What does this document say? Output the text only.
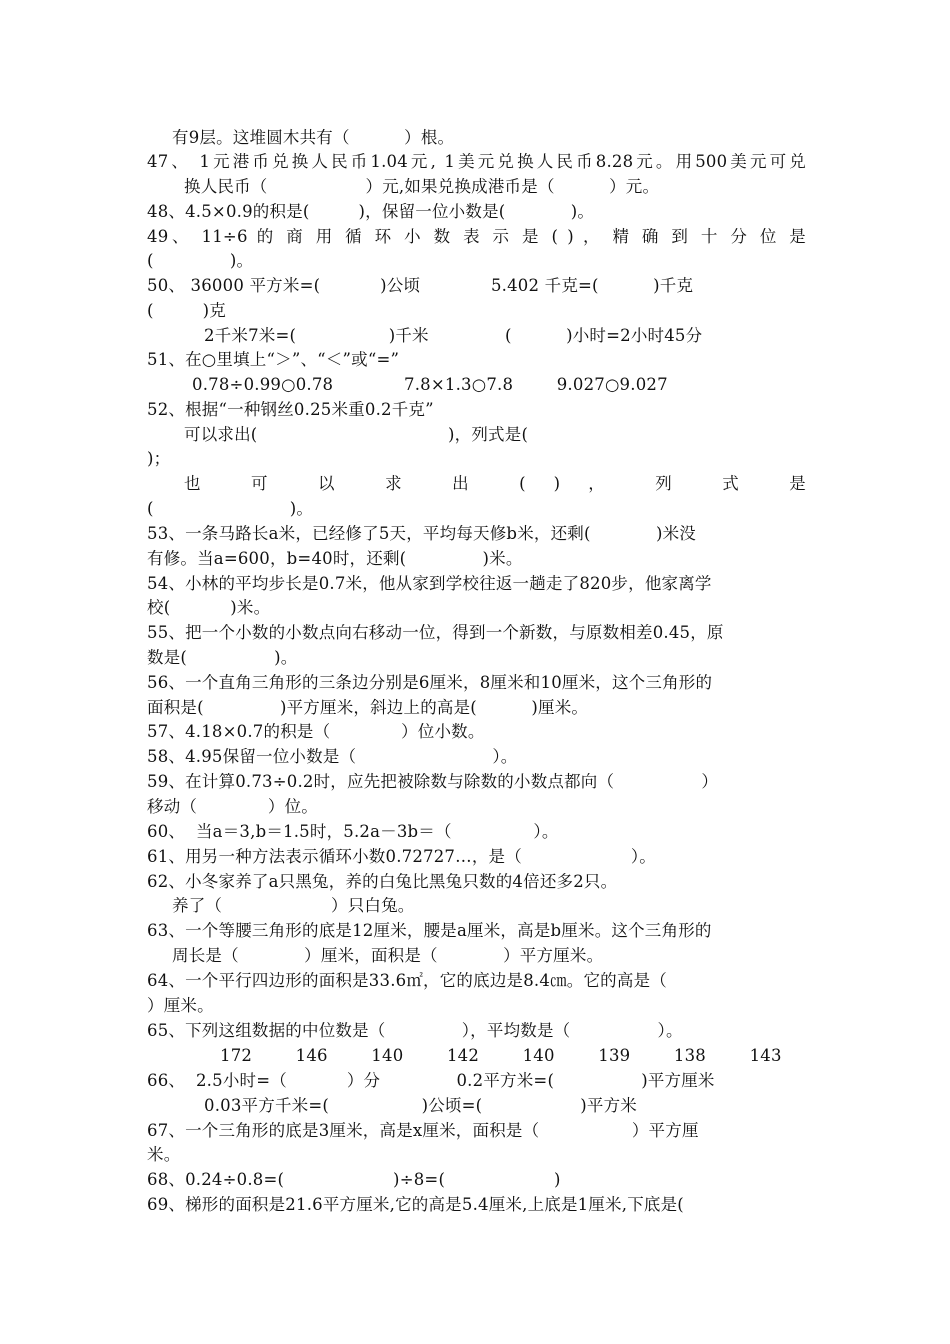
有9层。这堆圆木共有（          ）根。
47、 1元港币兑换人民币1.04元, 1美元兑换人民币8.28元。用500美元可兑
换人民币（                  ）元,如果兑换成港币是（          ）元。
48、4.5×0.9的积是(         )，保留一位小数是(            )。
49、 11÷6 的 商 用 循 环 小 数 表 示 是 ( ) ， 精 确 到 十 分 位 是
(              )。
50、 36000 平方米=(           )公顷             5.402 千克=(          )千克
(         )克
2千米7米=(                 )千米              (          )小时=2小时45分
51、在○里填上“＞”、“＜”或“=”
0.78÷0.99○0.78             7.8×1.3○7.8        9.027○9.027
52、根据“一种钢丝0.25米重0.2千克”
可以求出(                                   )，列式是(
)；
也 可 以 求 出 ( ) ， 列 式 是
(                         )。
53、一条马路长a米，已经修了5天，平均每天修b米，还剩(            )米没
有修。当a=600，b=40时，还剩(              )米。
54、小林的平均步长是0.7米，他从家到学校往返一趟走了820步，他家离学
校(           )米。
55、把一个小数的小数点向右移动一位，得到一个新数，与原数相差0.45，原
数是(                )。
56、一个直角三角形的三条边分别是6厘米，8厘米和10厘米，这个三角形的
面积是(              )平方厘米，斜边上的高是(          )厘米。
57、4.18×0.7的积是（             ）位小数。
58、4.95保留一位小数是（                         ）。
59、在计算0.73÷0.2时，应先把被除数与除数的小数点都向（                ）
移动（             ）位。
60、  当a＝3,b＝1.5时，5.2a－3b＝（               ）。
61、用另一种方法表示循环小数0.72727…，是（                    ）。
62、小冬家养了a只黑兔，养的白兔比黑兔只数的4倍还多2只。
养了（                    ）只白兔。
63、一个等腰三角形的底是12厘米，腰是a厘米，高是b厘米。这个三角形的
周长是（            ）厘米，面积是（            ）平方厘米。
64、一个平行四边形的面积是33.6㎡，它的底边是8.4㎝。它的高是（
）厘米。
65、下列这组数据的中位数是（              ），平均数是（                ）。
172        146        140        142        140        139        138        143
66、  2.5小时=（           ）分              0.2平方米=(                )平方厘米
0.03平方千米=(                 )公顷=(                  )平方米
67、一个三角形的底是3厘米，高是x厘米，面积是（                 ）平方厘
米。
68、0.24÷0.8=(                    )÷8=(                    )
69、梯形的面积是21.6平方厘米,它的高是5.4厘米,上底是1厘米,下底是(
